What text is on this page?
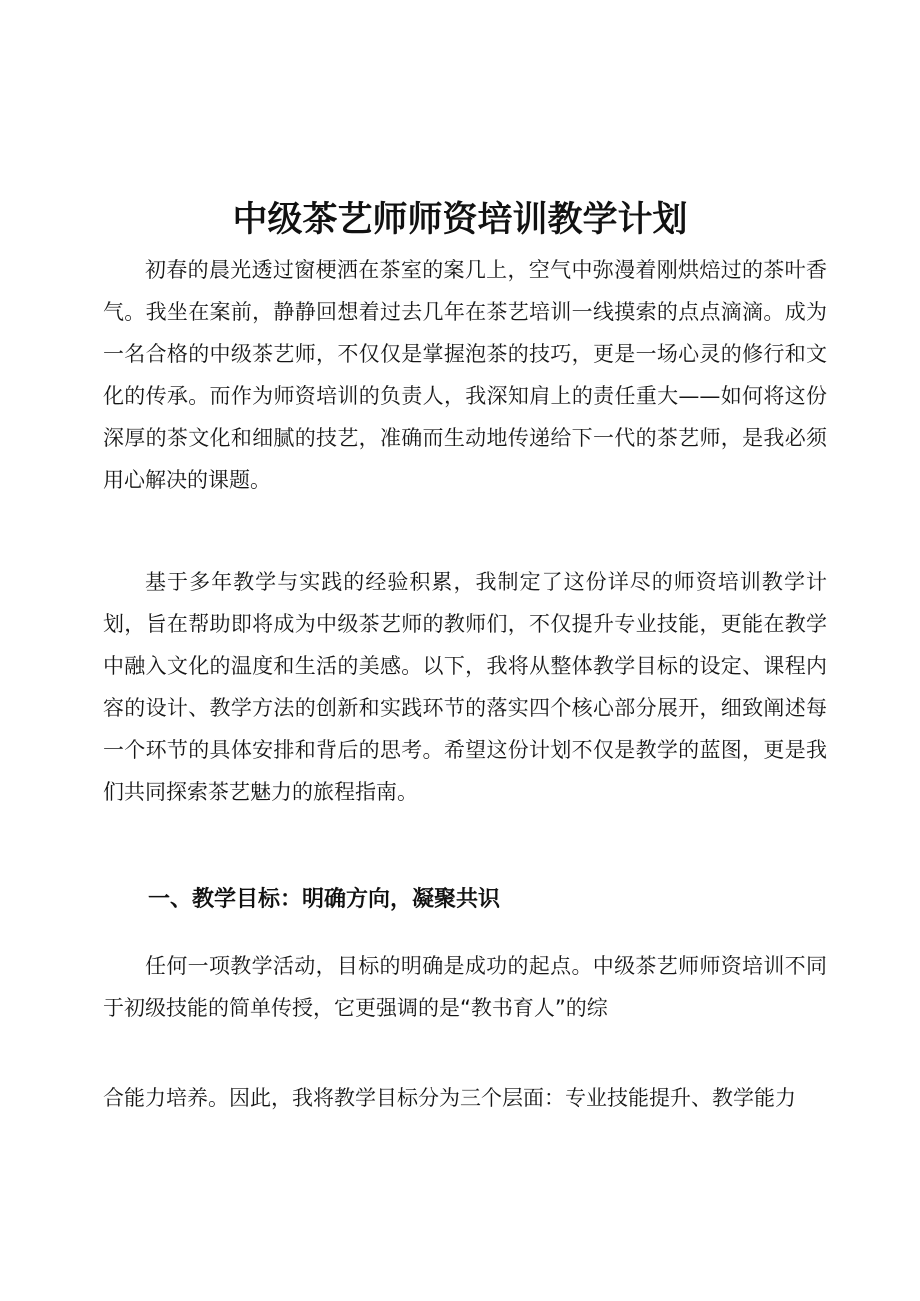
中级茶艺师师资培训教学计划

初春的晨光透过窗梗洒在茶室的案几上，空气中弥漫着刚烘焙过的茶叶香气。我坐在案前，静静回想着过去几年在茶艺培训一线摸索的点点滴滴。成为一名合格的中级茶艺师，不仅仅是掌握泡茶的技巧，更是一场心灵的修行和文化的传承。而作为师资培训的负责人，我深知肩上的责任重大——如何将这份深厚的茶文化和细腻的技艺，准确而生动地传递给下一代的茶艺师，是我必须用心解决的课题。

基于多年教学与实践的经验积累，我制定了这份详尽的师资培训教学计划，旨在帮助即将成为中级茶艺师的教师们，不仅提升专业技能，更能在教学中融入文化的温度和生活的美感。以下，我将从整体教学目标的设定、课程内容的设计、教学方法的创新和实践环节的落实四个核心部分展开，细致阐述每一个环节的具体安排和背后的思考。希望这份计划不仅是教学的蓝图，更是我们共同探索茶艺魅力的旅程指南。

一、教学目标：明确方向，凝聚共识

任何一项教学活动，目标的明确是成功的起点。中级茶艺师师资培训不同于初级技能的简单传授，它更强调的是“教书育人”的综

合能力培养。因此，我将教学目标分为三个层面：专业技能提升、教学能力
